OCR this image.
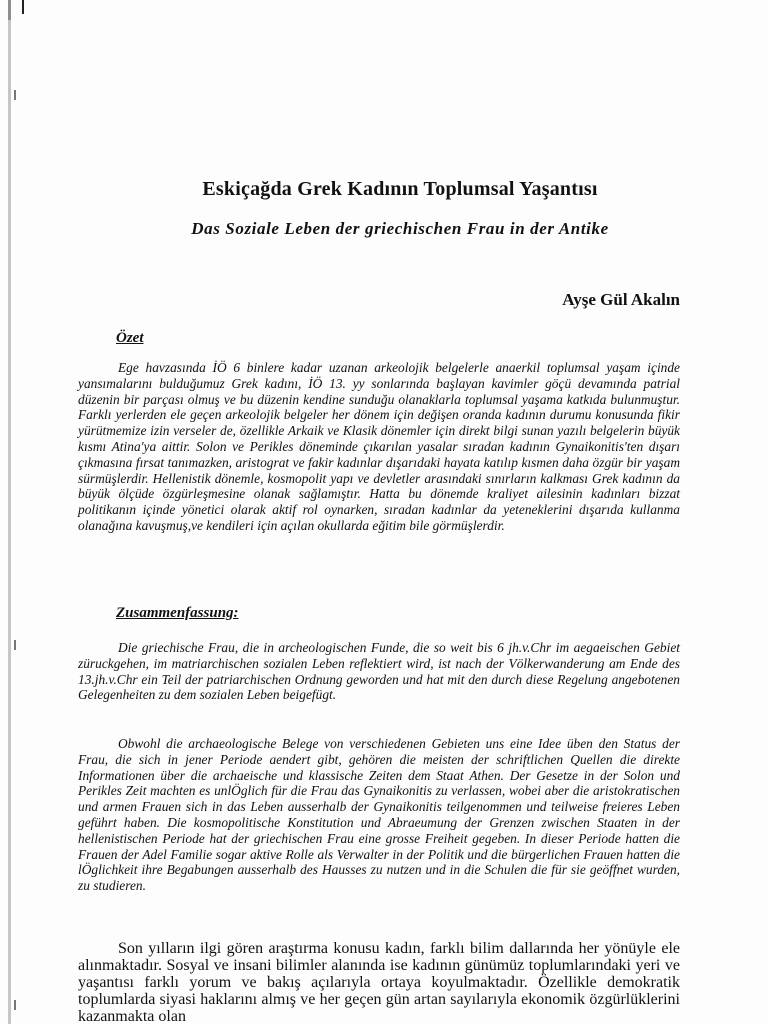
Eskiçağda Grek Kadının Toplumsal Yaşantısı
Das Soziale Leben der griechischen Frau in der Antike
Ayşe Gül Akalın
Özet

Ege havzasında İÖ 6 binlere kadar uzanan arkeolojik belgelerle anaerkil toplumsal yaşam içinde yansımalarını bulduğumuz Grek kadını, İÖ 13. yy sonlarında başlayan kavimler göçü devamında patrial düzenin bir parçası olmuş ve bu düzenin kendine sunduğu olanaklarla toplumsal yaşama katkıda bulunmuştur. Farklı yerlerden ele geçen arkeolojik belgeler her dönem için değişen oranda kadının durumu konusunda fikir yürütmemize izin verseler de, özellikle Arkaik ve Klasik dönemler için direkt bilgi sunan yazılı belgelerin büyük kısmı Atina'ya aittir. Solon ve Perikles döneminde çıkarılan yasalar sıradan kadının Gynaikonitis'ten dışarı çıkmasına fırsat tanımazken, aristograt ve fakir kadınlar dışarıdaki hayata katılıp kısmen daha özgür bir yaşam sürmüşlerdir. Hellenistik dönemle, kosmopolit yapı ve devletler arasındaki sınırların kalkması Grek kadının da büyük ölçüde özgürleşmesine olanak sağlamıştır. Hatta bu dönemde kraliyet ailesinin kadınları bizzat politikanın içinde yönetici olarak aktif rol oynarken, sıradan kadınlar da yeteneklerini dışarıda kullanma olanağına kavuşmuş,ve kendileri için açılan okullarda eğitim bile görmüşlerdir.

Zusammenfassung:

Die griechische Frau, die in archeologischen Funde, die so weit bis 6 jh.v.Chr im aegaeischen Gebiet züruckgehen, im matriarchischen sozialen Leben reflektiert wird, ist nach der Völkerwanderung am Ende des 13.jh.v.Chr ein Teil der patriarchischen Ordnung geworden und hat mit den durch diese Regelung angebotenen Gelegenheiten zu dem sozialen Leben beigefügt.

Obwohl die archaeologische Belege von verschiedenen Gebieten uns eine Idee üben den Status der Frau, die sich in jener Periode aendert gibt, gehören die meisten der schriftlichen Quellen die direkte Informationen über die archaeische und klassische Zeiten dem Staat Athen. Der Gesetze in der Solon und Perikles Zeit machten es unlÖglich für die Frau das Gynaikonitis zu verlassen, wobei aber die aristokratischen und armen Frauen sich in das Leben ausserhalb der Gynaikonitis teilgenommen und teilweise freieres Leben geführt haben. Die kosmopolitische Konstitution und Abraeumung der Grenzen zwischen Staaten in der hellenistischen Periode hat der griechischen Frau eine grosse Freiheit gegeben. In dieser Periode hatten die Frauen der Adel Familie sogar aktive Rolle als Verwalter in der Politik und die bürgerlichen Frauen hatten die lÖglichkeit ihre Begabungen ausserhalb des Hausses zu nutzen und in die Schulen die für sie geöffnet wurden, zu studieren.

Son yılların ilgi gören araştırma konusu kadın, farklı bilim dallarında her yönüyle ele alınmaktadır. Sosyal ve insani bilimler alanında ise kadının günümüz toplumlarındaki yeri ve yaşantısı farklı yorum ve bakış açılarıyla ortaya koyulmaktadır. Özellikle demokratik toplumlarda siyasi haklarını almış ve her geçen gün artan sayılarıyla ekonomik özgürlüklerini kazanmakta olan
